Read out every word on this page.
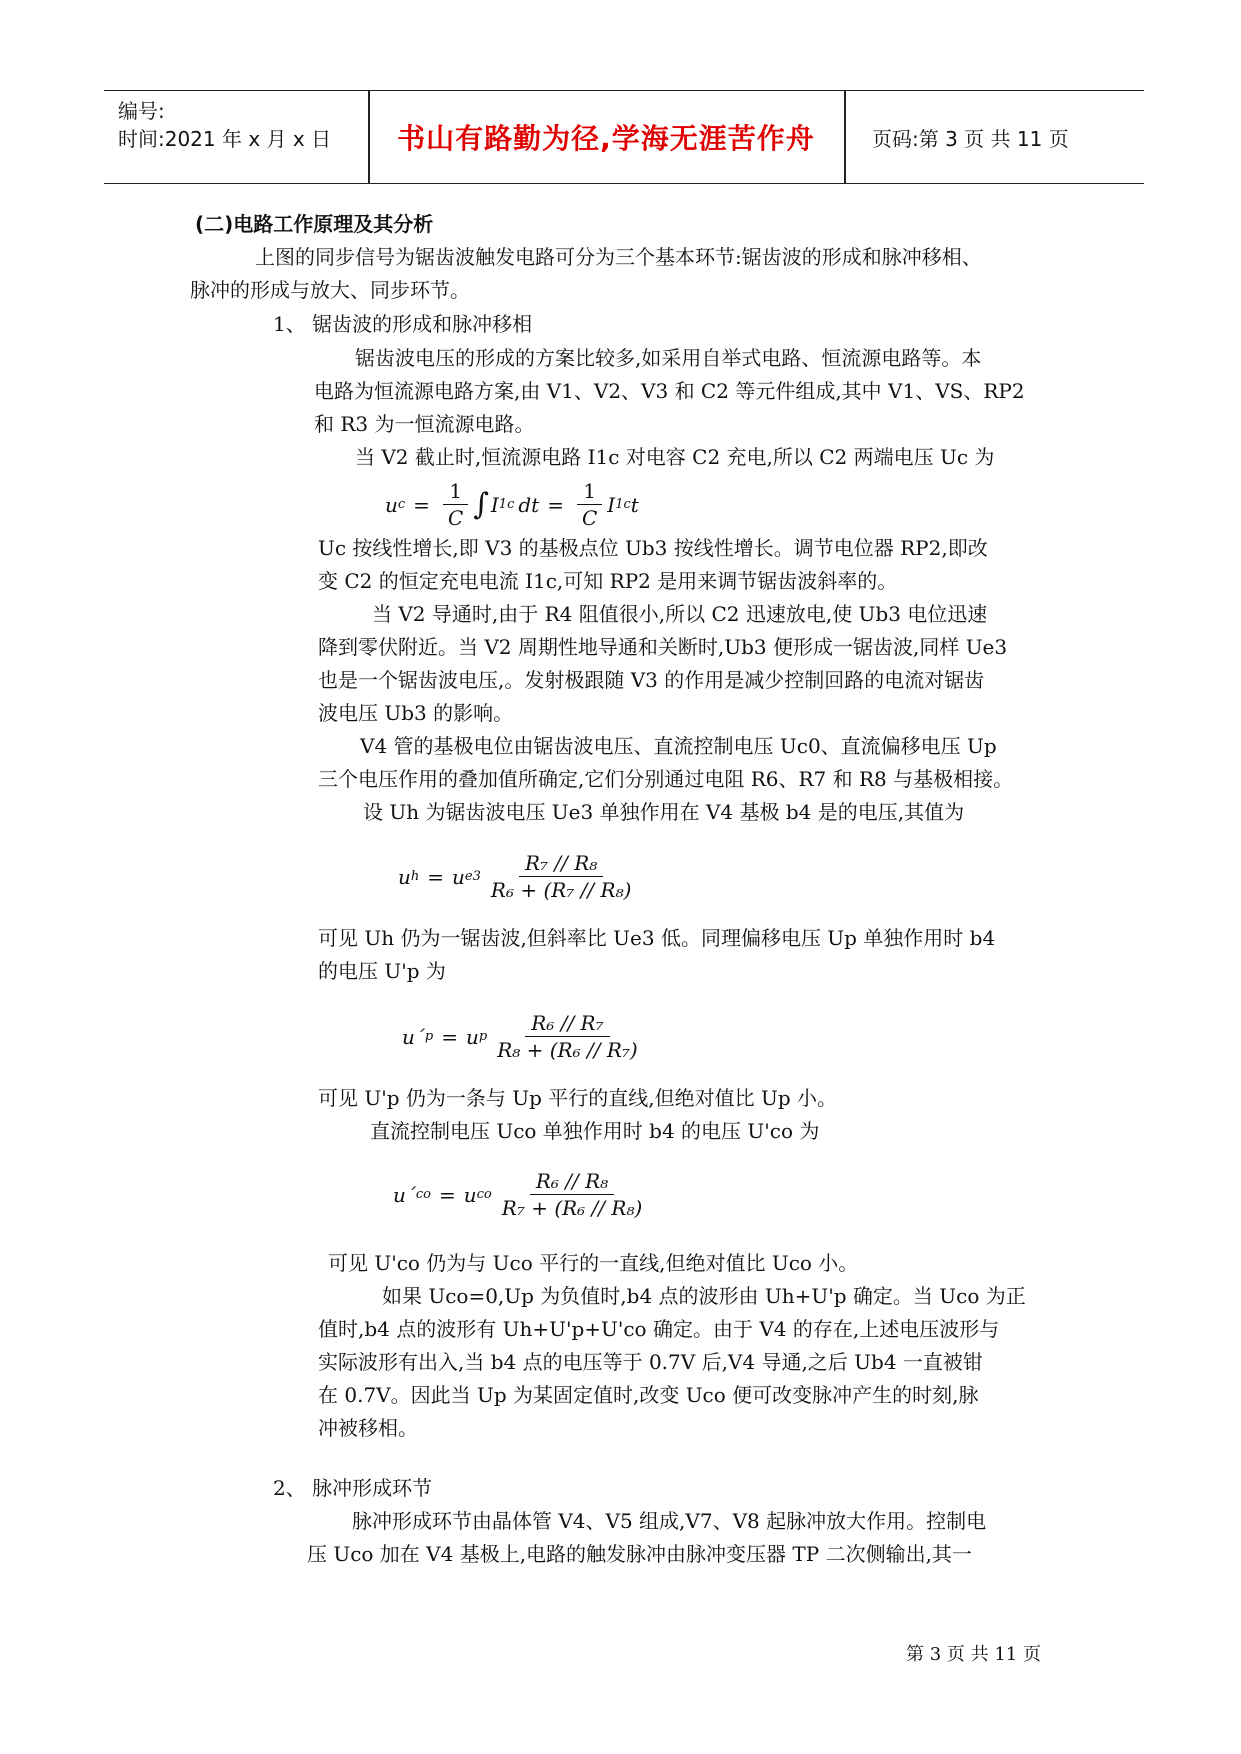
编号:
时间:2021 年 x 月 x 日	书山有路勤为径,学海无涯苦作舟	页码:第 3 页 共 11 页
(二)电路工作原理及其分析
上图的同步信号为锯齿波触发电路可分为三个基本环节:锯齿波的形成和脉冲移相、
脉冲的形成与放大、同步环节。
1、 锯齿波的形成和脉冲移相
锯齿波电压的形成的方案比较多,如采用自举式电路、恒流源电路等。本
电路为恒流源电路方案,由 V1、V2、V3 和 C2 等元件组成,其中 V1、VS、RP2
和 R3 为一恒流源电路。
当 V2 截止时,恒流源电路 I1c 对电容 C2 充电,所以 C2 两端电压 Uc 为
u $c = \frac{1}{C}$ ∫ I 1c dt = $\frac{1}{C}$ I 1c t
Uc 按线性增长,即 V3 的基极点位 Ub3 按线性增长。调节电位器 RP2,即改
变 C2 的恒定充电电流 I1c,可知 RP2 是用来调节锯齿波斜率的。
当 V2 导通时,由于 R4 阻值很小,所以 C2 迅速放电,使 Ub3 电位迅速
降到零伏附近。当 V2 周期性地导通和关断时,Ub3 便形成一锯齿波,同样 Ue3
也是一个锯齿波电压,。发射极跟随 V3 的作用是减少控制回路的电流对锯齿
波电压 Ub3 的影响。
V4 管的基极电位由锯齿波电压、直流控制电压 Uc0、直流偏移电压 Up
三个电压作用的叠加值所确定,它们分别通过电阻 R6、R7 和 R8 与基极相接。
设 Uh 为锯齿波电压 Ue3 单独作用在 V4 基极 b4 是的电压,其值为
u h = u $e3 \frac{\text{R₇ // R₈}}{\text{R₆ + (R₇ // R₈)}}$
可见 Uh 仍为一锯齿波,但斜率比 Ue3 低。同理偏移电压 Up 单独作用时 b4
的电压 U'p 为
u´ p = u p $\frac{\text{R₆ // R₇}}{\text{R₈ + (R₆ // R₇)}}$
可见 U'p 仍为一条与 Up 平行的直线,但绝对值比 Up 小。
直流控制电压 Uco 单独作用时 b4 的电压 U'co 为
u´ co = u co $\frac{\text{R₆ // R₈}}{\text{R₇ + (R₆ // R₈)}}$
可见 U'co 仍为与 Uco 平行的一直线,但绝对值比 Uco 小。
如果 Uco=0,Up 为负值时,b4 点的波形由 Uh+U'p 确定。当 Uco 为正
值时,b4 点的波形有 Uh+U'p+U'co 确定。由于 V4 的存在,上述电压波形与
实际波形有出入,当 b4 点的电压等于 0.7V 后,V4 导通,之后 Ub4 一直被钳
在 0.7V。因此当 Up 为某固定值时,改变 Uco 便可改变脉冲产生的时刻,脉
冲被移相。
2、 脉冲形成环节
脉冲形成环节由晶体管 V4、V5 组成,V7、V8 起脉冲放大作用。控制电
压 Uco 加在 V4 基极上,电路的触发脉冲由脉冲变压器 TP 二次侧输出,其一
第 3 页 共 11 页
